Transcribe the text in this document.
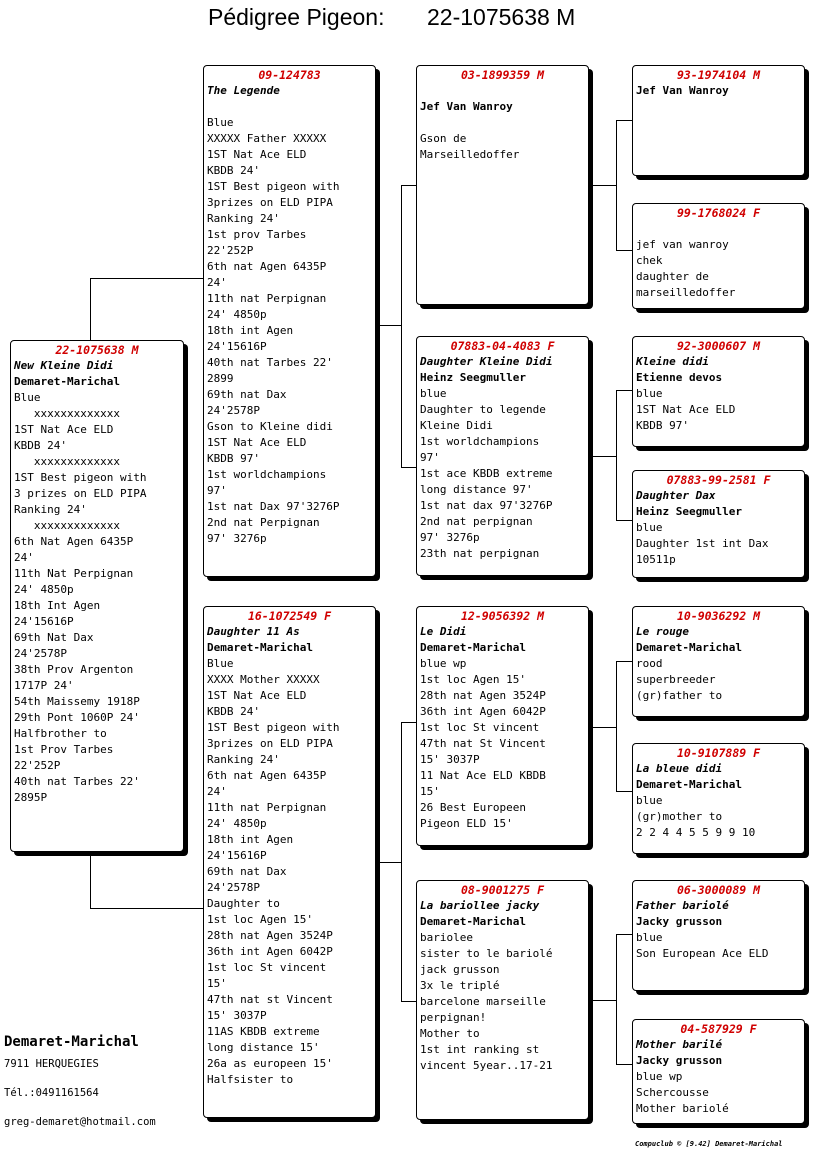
Pédigree Pigeon: 22-1075638 M
22-1075638 M
New Kleine Didi
Demaret-Marichal
Blue
xxxxxxxxxxxxx
1ST Nat Ace ELD
KBDB 24'
xxxxxxxxxxxxx
1ST Best pigeon with
3 prizes on ELD PIPA
Ranking 24'
xxxxxxxxxxxxx
6th Nat Agen 6435P
24'
11th Nat Perpignan
24' 4850p
18th Int Agen
24'15616P
69th Nat Dax
24'2578P
38th Prov Argenton
1717P 24'
54th Maissemy 1918P
29th Pont 1060P 24'
Halfbrother to
1st Prov Tarbes
22'252P
40th nat Tarbes 22'
2895P
09-124783
The Legende
Blue
XXXXX Father XXXXX
1ST Nat Ace ELD
KBDB 24'
1ST Best pigeon with
3prizes on ELD PIPA
Ranking 24'
1st prov Tarbes
22'252P
6th nat Agen 6435P
24'
11th nat Perpignan
24' 4850p
18th int Agen
24'15616P
40th nat Tarbes 22'
2899
69th nat Dax
24'2578P
Gson to Kleine didi
1ST Nat Ace ELD
KBDB 97'
1st worldchampions
97'
1st nat Dax 97'3276P
2nd nat Perpignan
97' 3276p
16-1072549 F
Daughter 11 As
Demaret-Marichal
Blue
XXXX Mother XXXXX
1ST Nat Ace ELD
KBDB 24'
1ST Best pigeon with
3prizes on ELD PIPA
Ranking 24'
6th nat Agen 6435P
24'
11th nat Perpignan
24' 4850p
18th int Agen
24'15616P
69th nat Dax
24'2578P
Daughter to
1st loc Agen 15'
28th nat Agen 3524P
36th int Agen 6042P
1st loc St vincent
15'
47th nat st Vincent
15' 3037P
11AS KBDB extreme
long distance 15'
26a as europeen 15'
Halfsister to
03-1899359 M
Jef Van Wanroy
Gson de
Marseilledoffer
07883-04-4083 F
Daughter Kleine Didi
Heinz Seegmuller
blue
Daughter to legende
Kleine Didi
1st worldchampions
97'
1st ace KBDB extreme
long distance 97'
1st nat dax 97'3276P
2nd nat perpignan
97' 3276p
23th nat perpignan
12-9056392 M
Le Didi
Demaret-Marichal
blue wp
1st loc Agen 15'
28th nat Agen 3524P
36th int Agen 6042P
1st loc St vincent
47th nat St Vincent
15' 3037P
11 Nat Ace ELD KBDB
15'
26 Best Europeen
Pigeon ELD 15'
08-9001275 F
La bariollee jacky
Demaret-Marichal
bariolee
sister to le bariolé
jack grusson
3x le triplé
barcelone marseille
perpignan!
Mother to
1st int ranking st
vincent 5year..17-21
93-1974104 M
Jef Van Wanroy
99-1768024 F
jef van wanroy
chek
daughter de
marseilledoffer
92-3000607 M
Kleine didi
Etienne devos
blue
1ST Nat Ace ELD
KBDB 97'
07883-99-2581 F
Daughter Dax
Heinz Seegmuller
blue
Daughter 1st int Dax
10511p
10-9036292 M
Le rouge
Demaret-Marichal
rood
superbreeder
(gr)father to
10-9107889 F
La bleue didi
Demaret-Marichal
blue
(gr)mother to
2 2 4 4 5 5 9 9 10
06-3000089 M
Father bariolé
Jacky grusson
blue
Son European Ace ELD
04-587929 F
Mother barilé
Jacky grusson
blue wp
Schercousse
Mother bariolé
Demaret-Marichal
7911 HERQUEGIES
Tél.:0491161564
greg-demaret@hotmail.com
Compuclub © [9.42] Demaret-Marichal
